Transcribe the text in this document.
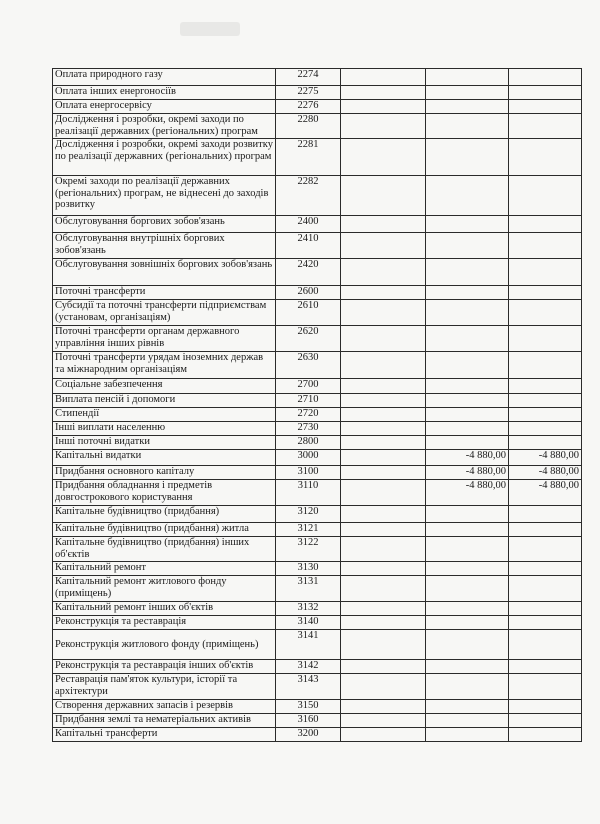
Оплата природного газу	2274			
Оплата інших енергоносіїв	2275			
Оплата енергосервісу	2276			
Дослідження і розробки, окремі заходи по реалізації державних (регіональних) програм	2280			
Дослідження і розробки, окремі заходи розвитку по реалізації державних (регіональних) програм	2281			
Окремі заходи по реалізації державних (регіональних) програм, не віднесені до заходів розвитку	2282			
Обслуговування боргових зобов'язань	2400			
Обслуговування внутрішніх боргових зобов'язань	2410			
Обслуговування зовнішніх боргових зобов'язань	2420			
Поточні трансферти	2600			
Субсидії та поточні трансферти підприємствам (установам, організаціям)	2610			
Поточні трансферти органам державного управління інших рівнів	2620			
Поточні трансферти урядам іноземних держав та міжнародним організаціям	2630			
Соціальне забезпечення	2700			
Виплата пенсій і допомоги	2710			
Стипендії	2720			
Інші виплати населенню	2730			
Інші поточні видатки	2800			
Капітальні видатки	3000		-4 880,00	-4 880,00
Придбання основного капіталу	3100		-4 880,00	-4 880,00
Придбання обладнання і предметів довгострокового користування	3110		-4 880,00	-4 880,00
Капітальне будівництво (придбання)	3120			
Капітальне будівництво (придбання) житла	3121			
Капітальне будівництво (придбання) інших об'єктів	3122			
Капітальний ремонт	3130			
Капітальний ремонт житлового фонду (приміщень)	3131			
Капітальний ремонт інших об'єктів	3132			
Реконструкція та реставрація	3140			
Реконструкція житлового фонду (приміщень)	3141			
Реконструкція та реставрація інших об'єктів	3142			
Реставрація пам'яток культури, історії та архітектури	3143			
Створення державних запасів і резервів	3150			
Придбання землі та нематеріальних активів	3160			
Капітальні трансферти	3200			
